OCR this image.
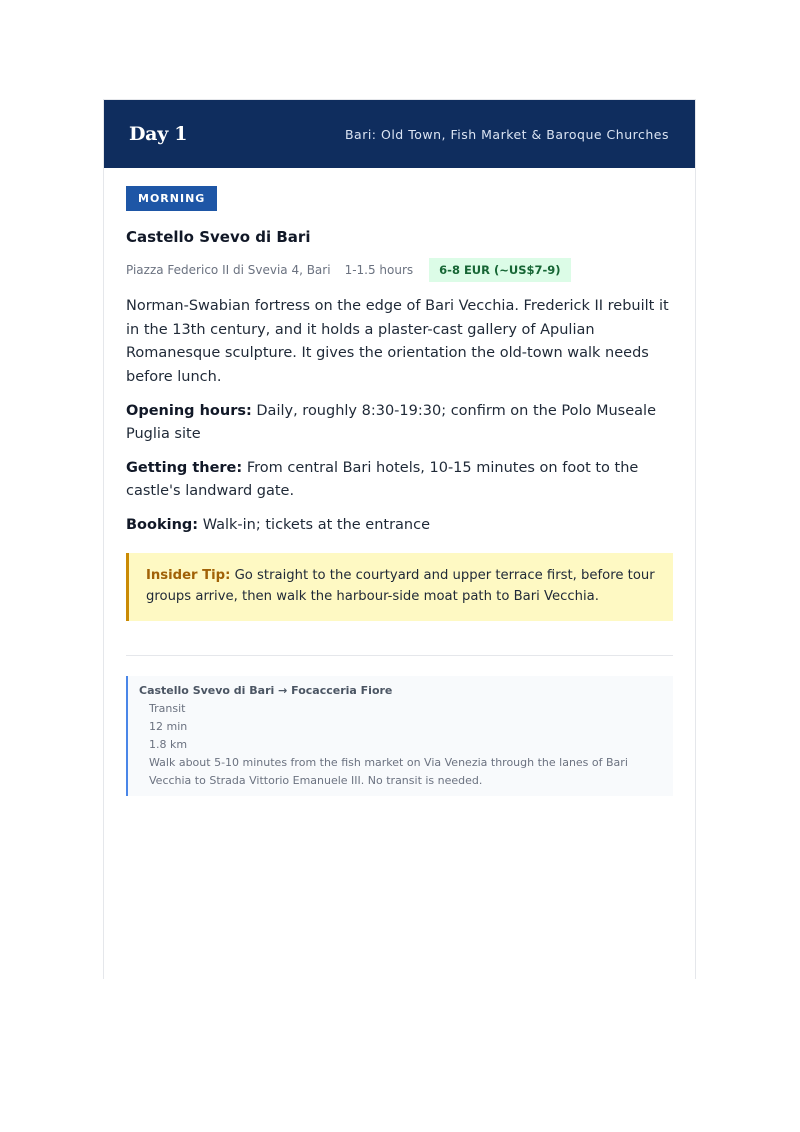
Day 1	Bari: Old Town, Fish Market & Baroque Churches
MORNING
Castello Svevo di Bari
Piazza Federico II di Svevia 4, Bari 1-1.5 hours	6-8 EUR (~US$7-9)
Norman-Swabian fortress on the edge of Bari Vecchia. Frederick II rebuilt it in the 13th century, and it holds a plaster-cast gallery of Apulian Romanesque sculpture. It gives the orientation the old-town walk needs before lunch.
Opening hours: Daily, roughly 8:30-19:30; confirm on the Polo Museale Puglia site
Getting there: From central Bari hotels, 10-15 minutes on foot to the castle's landward gate.
Booking: Walk-in; tickets at the entrance
Insider Tip: Go straight to the courtyard and upper terrace first, before tour groups arrive, then walk the harbour-side moat path to Bari Vecchia.
Castello Svevo di Bari → Focacceria Fiore
Transit
12 min
1.8 km
Walk about 5-10 minutes from the fish market on Via Venezia through the lanes of Bari Vecchia to Strada Vittorio Emanuele III. No transit is needed.
